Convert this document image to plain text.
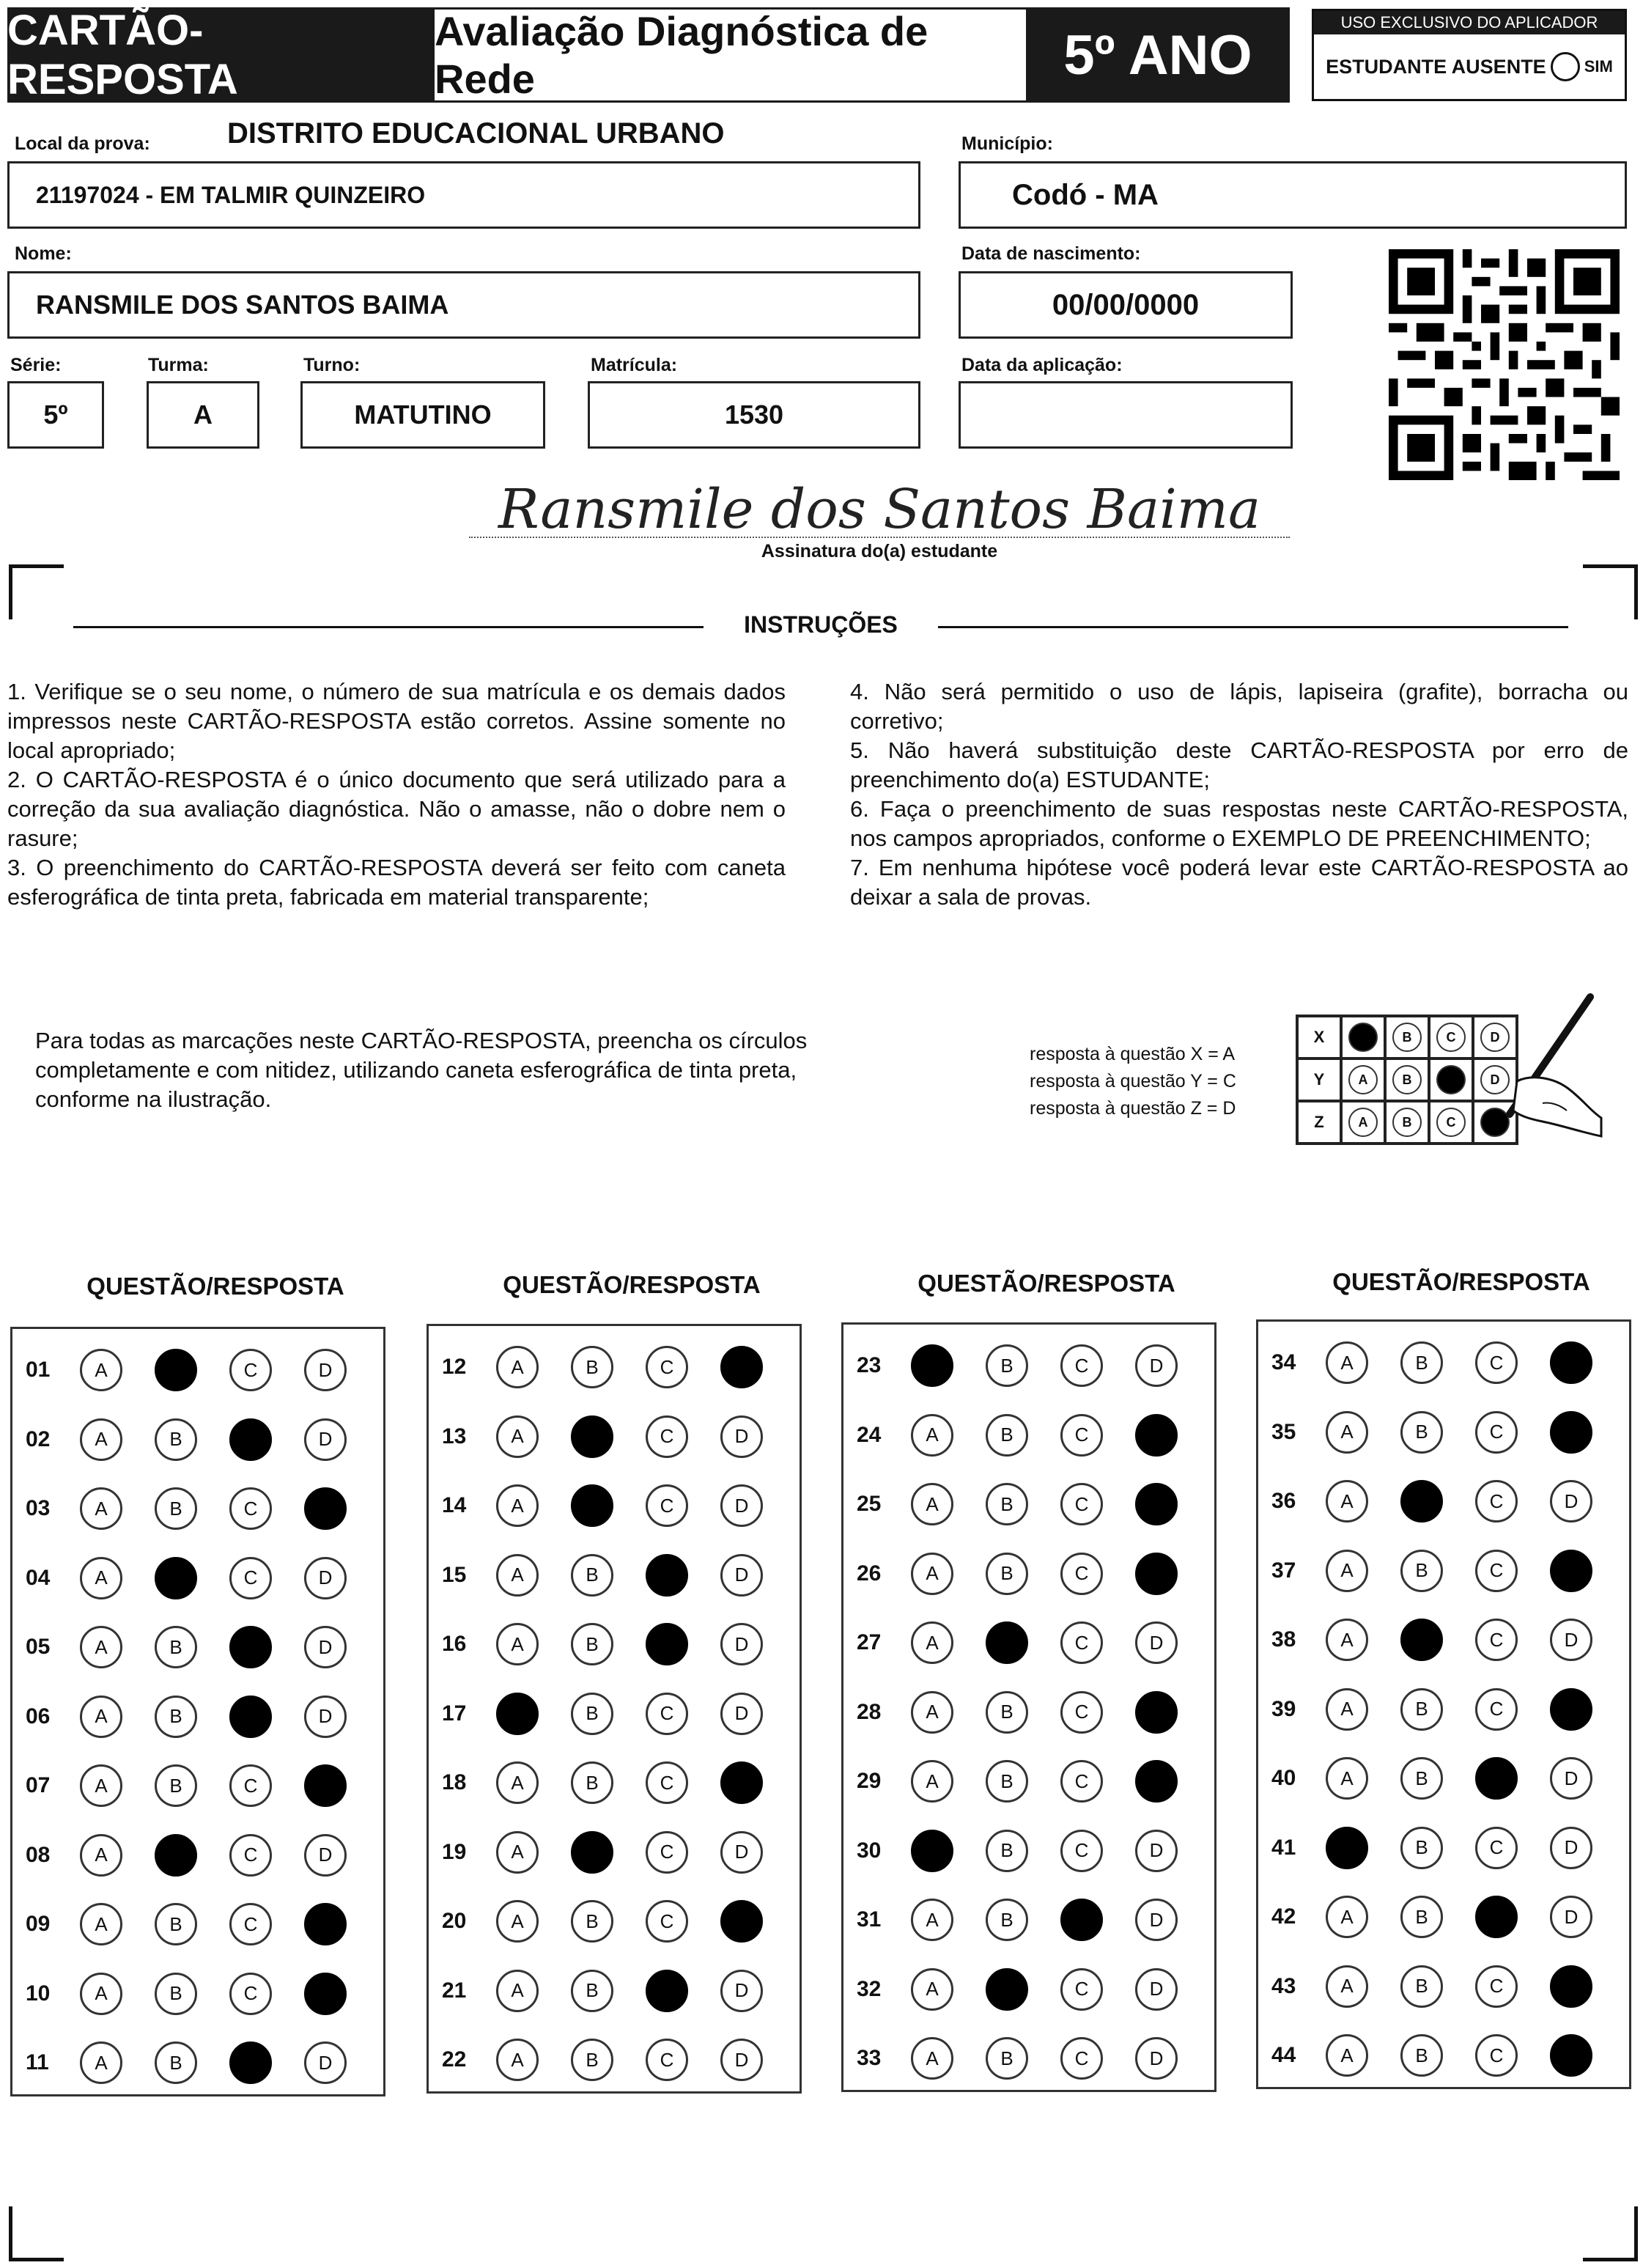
CARTÃO-RESPOSTA
Avaliação Diagnóstica de Rede	5º ANO
USO EXCLUSIVO DO APLICADOR
ESTUDANTE AUSENTE SIM
Local da prova:	DISTRITO EDUCACIONAL URBANO
21197024 - EM TALMIR QUINZEIRO
Município:
Codó - MA
Nome:
RANSMILE DOS SANTOS BAIMA
Data de nascimento:
00/00/0000
Série:
5º
Turma:
A
Turno:
MATUTINO
Matrícula:
1530
Data da aplicação:
Ransmile dos Santos Baima
Assinatura do(a) estudante
INSTRUÇÕES

1. Verifique se o seu nome, o número de sua matrícula e os demais dados impressos neste CARTÃO-RESPOSTA estão corretos. Assine somente no local apropriado;

2. O CARTÃO-RESPOSTA é o único documento que será utilizado para a correção da sua avaliação diagnóstica. Não o amasse, não o dobre nem o rasure;

3. O preenchimento do CARTÃO-RESPOSTA deverá ser feito com caneta esferográfica de tinta preta, fabricada em material transparente;

4. Não será permitido o uso de lápis, lapiseira (grafite), borracha ou corretivo;

5. Não haverá substituição deste CARTÃO-RESPOSTA por erro de preenchimento do(a) ESTUDANTE;

6. Faça o preenchimento de suas respostas neste CARTÃO-RESPOSTA, nos campos apropriados, conforme o EXEMPLO DE PREENCHIMENTO;

7. Em nenhuma hipótese você poderá levar este CARTÃO-RESPOSTA ao deixar a sala de provas.

Para todas as marcações neste CARTÃO-RESPOSTA, preencha os círculos completamente e com nitidez, utilizando caneta esferográfica de tinta preta, conforme na ilustração.
resposta à questão X = A
resposta à questão Y = C
resposta à questão Z = D
X	A	B	C	D
Y	A	B	C	D
Z	A	B	C	D
QUESTÃO/RESPOSTA	QUESTÃO/RESPOSTA	QUESTÃO/RESPOSTA	QUESTÃO/RESPOSTA
01	A	B	C	D
02	A	B	C	D
03	A	B	C	D
04	A	B	C	D
05	A	B	C	D
06	A	B	C	D
07	A	B	C	D
08	A	B	C	D
09	A	B	C	D
10	A	B	C	D
11	A	B	C	D
12	A	B	C	D
13	A	B	C	D
14	A	B	C	D
15	A	B	C	D
16	A	B	C	D
17	A	B	C	D
18	A	B	C	D
19	A	B	C	D
20	A	B	C	D
21	A	B	C	D
22	A	B	C	D
23	A	B	C	D
24	A	B	C	D
25	A	B	C	D
26	A	B	C	D
27	A	B	C	D
28	A	B	C	D
29	A	B	C	D
30	A	B	C	D
31	A	B	C	D
32	A	B	C	D
33	A	B	C	D
34	A	B	C	D
35	A	B	C	D
36	A	B	C	D
37	A	B	C	D
38	A	B	C	D
39	A	B	C	D
40	A	B	C	D
41	A	B	C	D
42	A	B	C	D
43	A	B	C	D
44	A	B	C	D
